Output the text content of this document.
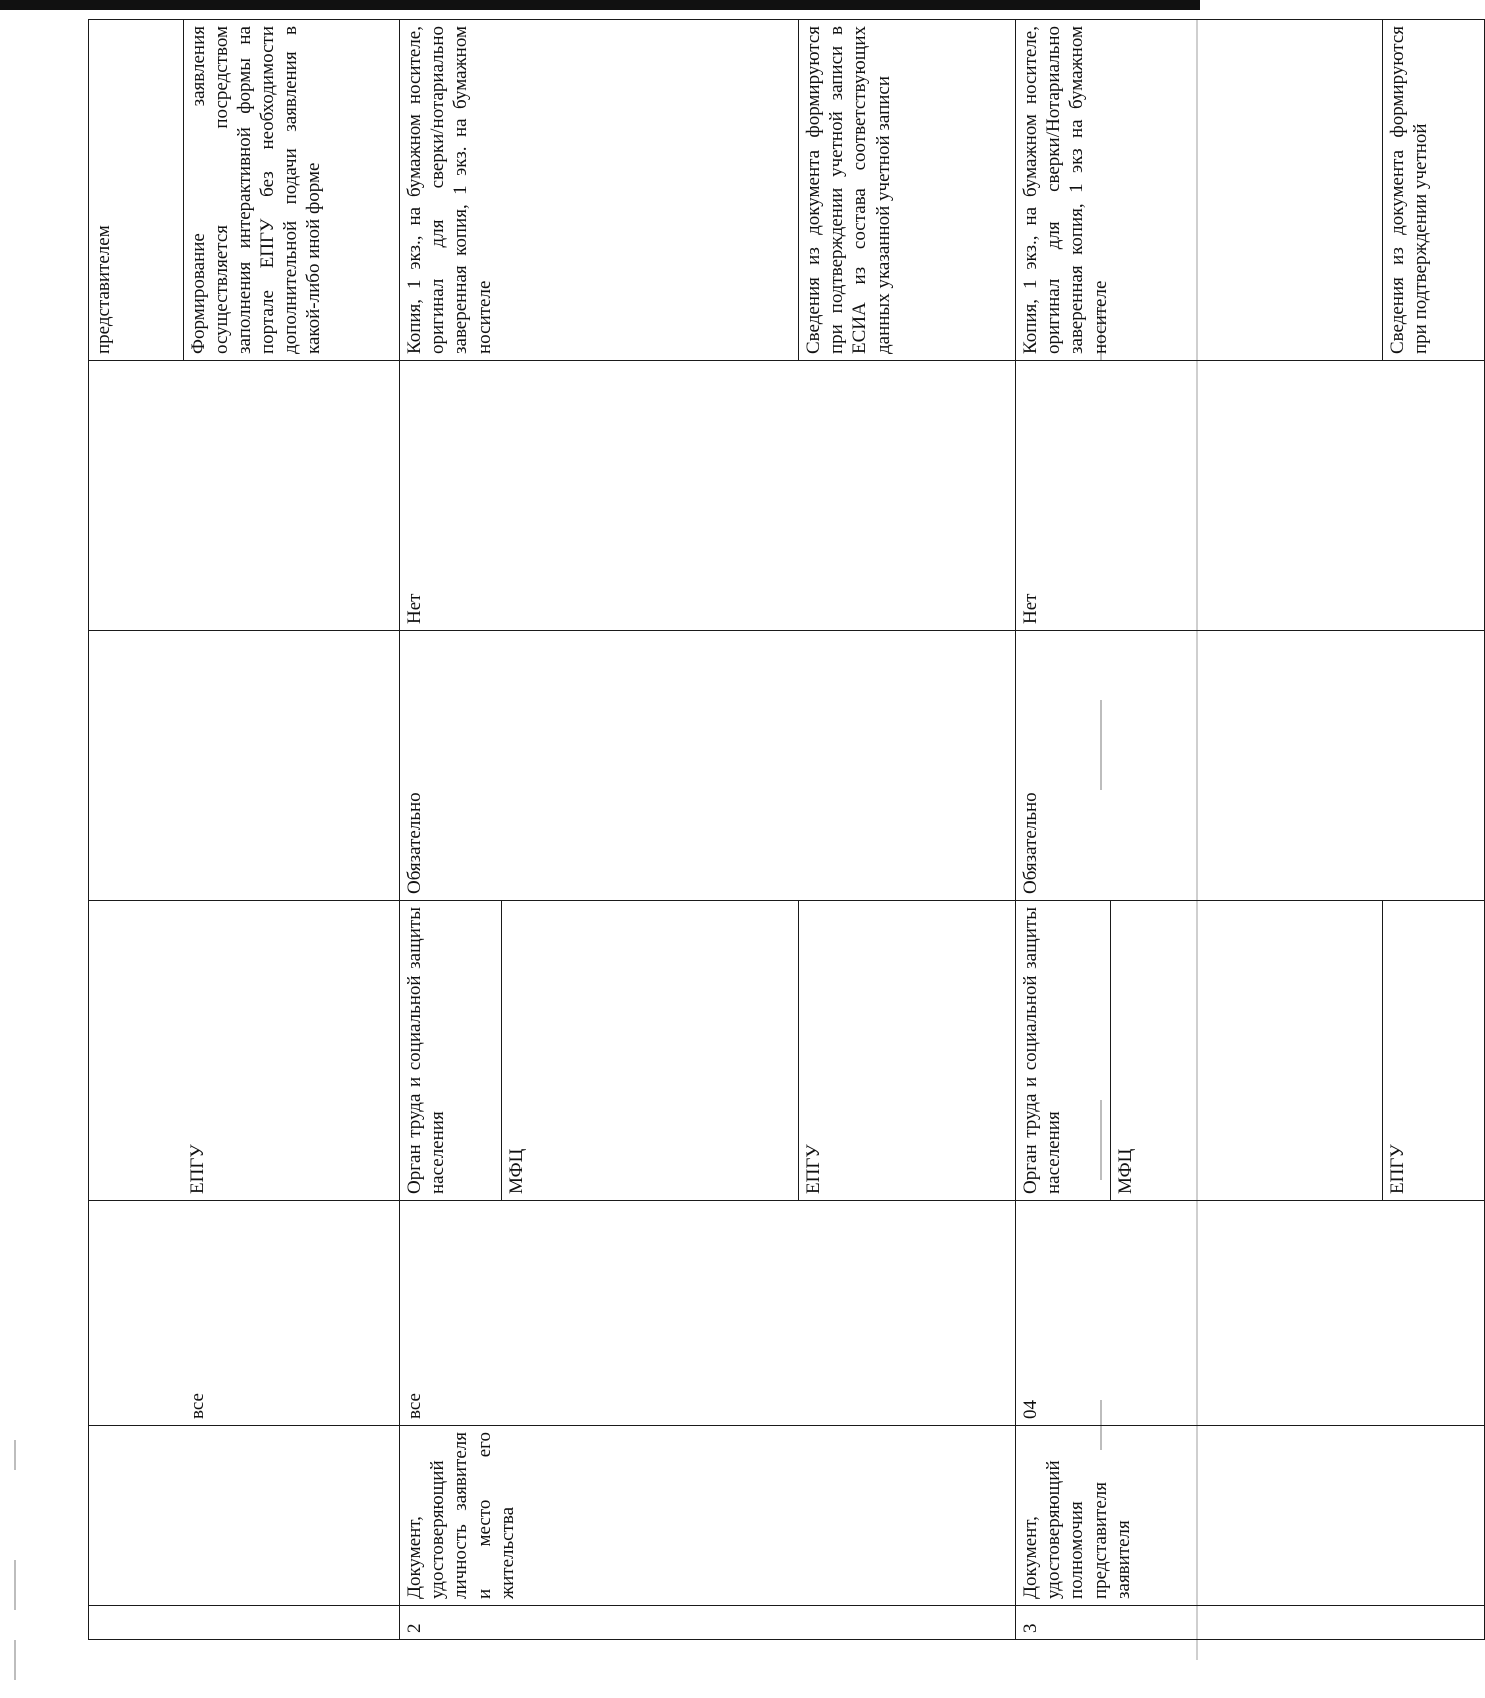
						представителем
		все	ЕПГУ			Формирование заявления осуществляется посредством заполнения интерактивной формы на портале ЕПГУ без необходимости дополнительной подачи заявления в какой-либо иной форме
2	Документ, удостоверяющий личность заявителя и место его жительства	все	Орган труда и социальной защиты населения	Обязательно	Нет	Копия, 1 экз., на бумажном носителе, оригинал для сверки/нотариально заверенная копия, 1 экз. на бумажном носителе
			МФЦ			
			ЕПГУ			Сведения из документа формируются при подтверждении учетной записи в ЕСИА из состава соответствующих данных указанной учетной записи
3	Документ, удостоверяющий полномочия представителя заявителя	04	Орган труда и социальной защиты населения	Обязательно	Нет	Копия, 1 экз., на бумажном носителе, оригинал для сверки/Нотариально заверенная копия, 1 экз на бумажном носителе
			МФЦ			
			ЕПГУ			Сведения из документа формируются при подтверждении учетной
